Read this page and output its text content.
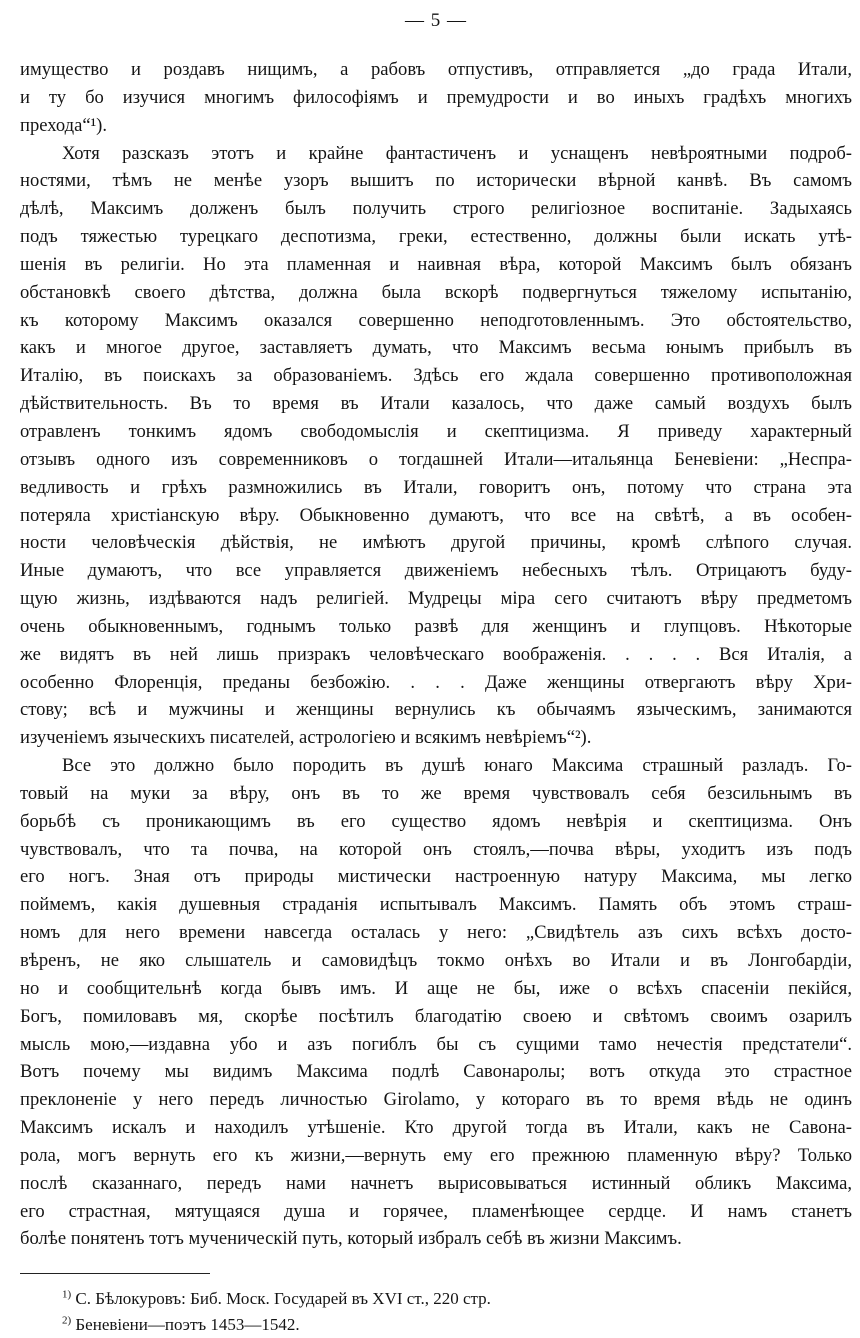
— 5 —

имущество и роздавъ нищимъ, а рабовъ отпустивъ, отправляется „до града Итали,

и ту бо изучися многимъ философiямъ и премудрости и во иныхъ градѣхъ многихъ

прехода“¹).

Хотя разсказъ этотъ и крайне фантастиченъ и уснащенъ невѣроятными подроб-

ностями, тѣмъ не менѣе узоръ вышитъ по исторически вѣрной канвѣ. Въ самомъ

дѣлѣ, Максимъ долженъ былъ получить строго религiозное воспитанiе. Задыхаясь

подъ тяжестью турецкаго деспотизма, греки, естественно, должны были искать утѣ-

шенiя въ религiи. Но эта пламенная и наивная вѣра, которой Максимъ былъ обязанъ

обстановкѣ своего дѣтства, должна была вскорѣ подвергнуться тяжелому испытанiю,

къ которому Максимъ оказался совершенно неподготовленнымъ. Это обстоятельство,

какъ и многое другое, заставляетъ думать, что Максимъ весьма юнымъ прибылъ въ

Италiю, въ поискахъ за образованiемъ. Здѣсь его ждала совершенно противоположная

дѣйствительность. Въ то время въ Итали казалось, что даже самый воздухъ былъ

отравленъ тонкимъ ядомъ свободомыслiя и скептицизма. Я приведу характерный

отзывъ одного изъ современниковъ о тогдашней Итали—итальянца Беневiени: „Неспра-

ведливость и грѣхъ размножились въ Итали, говоритъ онъ, потому что страна эта

потеряла христiанскую вѣру. Обыкновенно думаютъ, что все на свѣтѣ, а въ особен-

ности человѣческiя дѣйствiя, не имѣютъ другой причины, кромѣ слѣпого случая.

Иные думаютъ, что все управляется движенiемъ небесныхъ тѣлъ. Отрицаютъ буду-

щую жизнь, издѣваются надъ религiей. Мудрецы мiра сего считаютъ вѣру предметомъ

очень обыкновеннымъ, годнымъ только развѣ для женщинъ и глупцовъ. Нѣкоторые

же видятъ въ ней лишь призракъ человѣческаго воображенiя. . . . . Вся Италiя, а

особенно Флоренцiя, преданы безбожiю. . . . Даже женщины отвергаютъ вѣру Хри-

стову; всѣ и мужчины и женщины вернулись къ обычаямъ языческимъ, занимаются

изученiемъ языческихъ писателей, астрологiею и всякимъ невѣрiемъ“²).

Все это должно было породить въ душѣ юнаго Максима страшный разладъ. Го-

товый на муки за вѣру, онъ въ то же время чувствовалъ себя безсильнымъ въ

борьбѣ съ проникающимъ въ его существо ядомъ невѣрiя и скептицизма. Онъ

чувствовалъ, что та почва, на которой онъ стоялъ,—почва вѣры, уходитъ изъ подъ

его ногъ. Зная отъ природы мистически настроенную натуру Максима, мы легко

поймемъ, какiя душевныя страданiя испытывалъ Максимъ. Память объ этомъ страш-

номъ для него времени навсегда осталась у него: „Свидѣтель азъ сихъ всѣхъ досто-

вѣренъ, не яко слышатель и самовидѣцъ токмо онѣхъ во Итали и въ Лонгобардiи,

но и сообщительнѣ когда бывъ имъ. И аще не бы, иже о всѣхъ спасенiи пекiйся,

Богъ, помиловавъ мя, скорѣе посѣтилъ благодатiю своею и свѣтомъ своимъ озарилъ

мысль мою,—издавна убо и азъ погиблъ бы съ сущими тамо нечестiя предстатели“.

Вотъ почему мы видимъ Максима подлѣ Савонаролы; вотъ откуда это страстное

преклоненiе у него передъ личностью Girolamo, у котораго въ то время вѣдь не одинъ

Максимъ искалъ и находилъ утѣшенiе. Кто другой тогда въ Итали, какъ не Савона-

рола, могъ вернуть его къ жизни,—вернуть ему его прежнюю пламенную вѣру? Только

послѣ сказаннаго, передъ нами начнетъ вырисовываться истинный обликъ Максима,

его страстная, мятущаяся душа и горячее, пламенѣющее сердце. И намъ станетъ

болѣе понятенъ тотъ мученическiй путь, который избралъ себѣ въ жизни Максимъ.

$^{1)}$ С. Бѣлокуровъ: Биб. Моск. Государей въ XVI ст., 220 стр.

$^{2)}$ Беневiени—поэтъ 1453—1542.
